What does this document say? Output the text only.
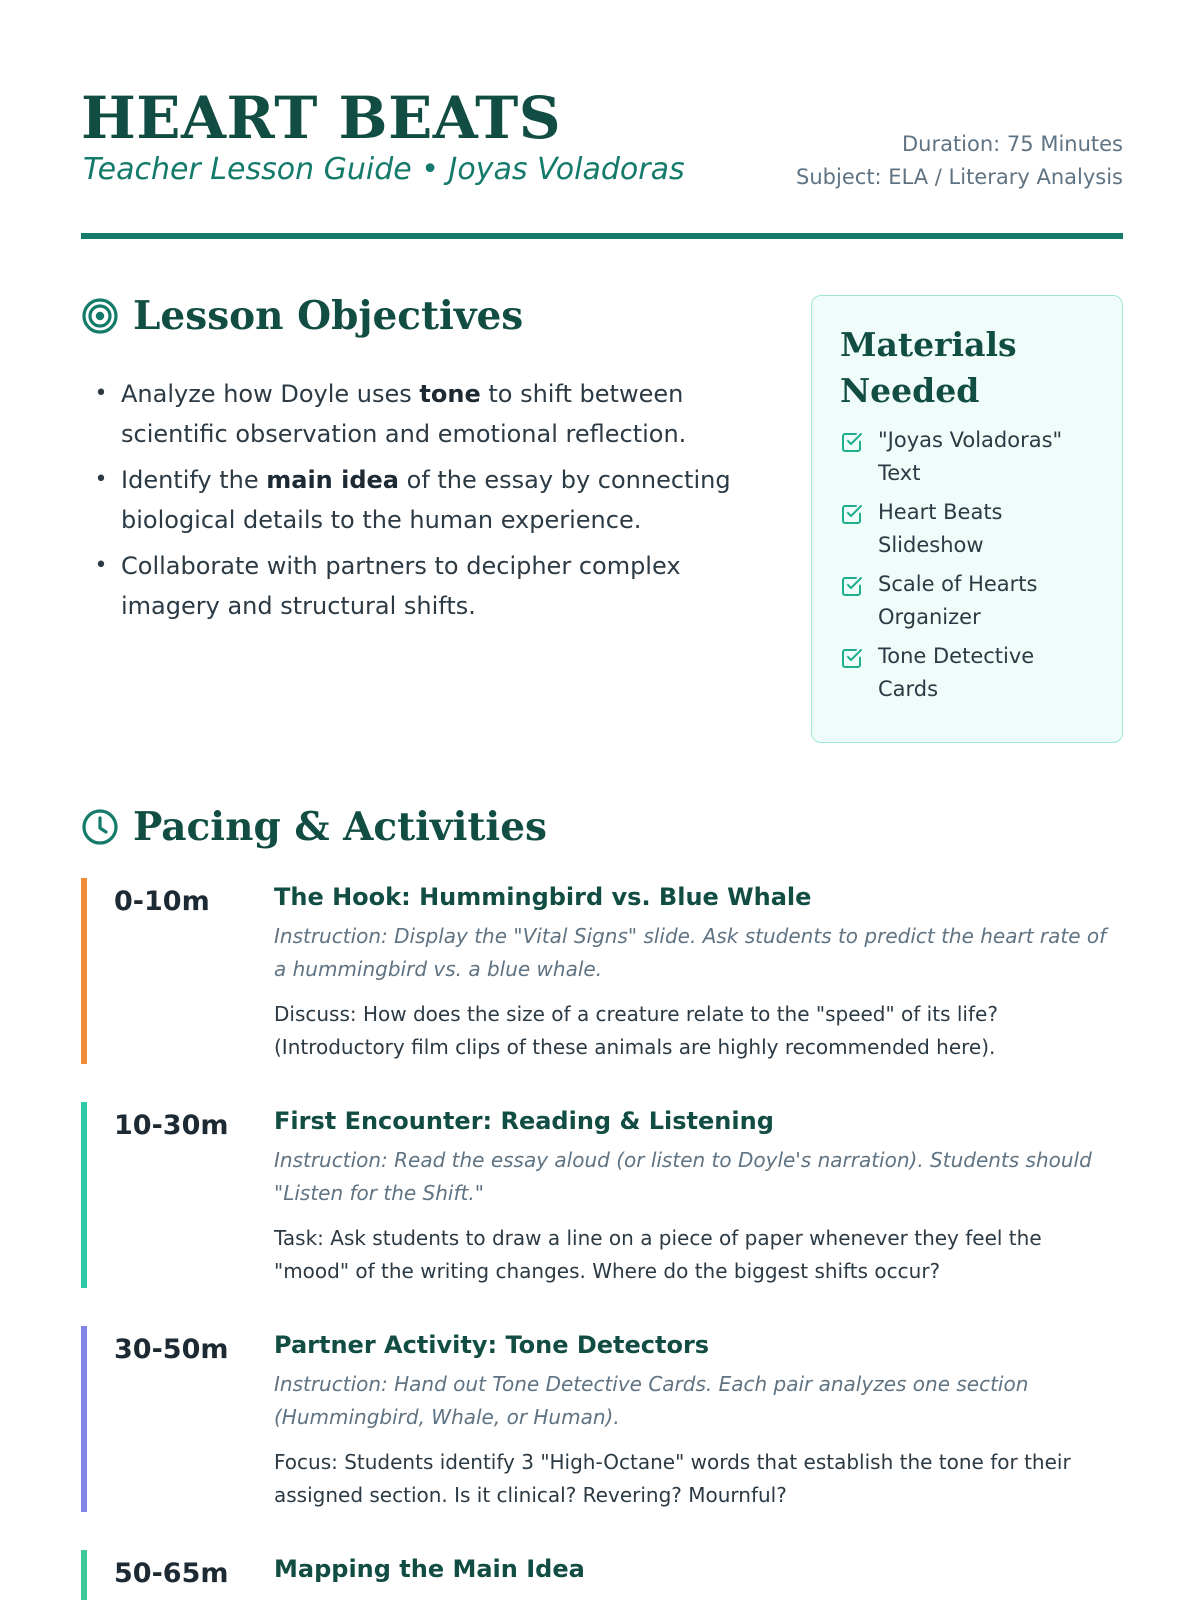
HEART BEATS
Teacher Lesson Guide • Joyas Voladoras
Duration: 75 Minutes
Subject: ELA / Literary Analysis
Lesson Objectives
• Analyze how Doyle uses tone to shift between scientific observation and emotional reflection.
• Identify the main idea of the essay by connecting biological details to the human experience.
• Collaborate with partners to decipher complex imagery and structural shifts.
Materials Needed
"Joyas Voladoras" Text
Heart Beats Slideshow
Scale of Hearts Organizer
Tone Detective Cards
Pacing & Activities
0-10m	The Hook: Hummingbird vs. Blue Whale
Instruction: Display the "Vital Signs" slide. Ask students to predict the heart rate of a hummingbird vs. a blue whale.
Discuss: How does the size of a creature relate to the "speed" of its life? (Introductory film clips of these animals are highly recommended here).
10-30m	First Encounter: Reading & Listening
Instruction: Read the essay aloud (or listen to Doyle's narration). Students should "Listen for the Shift."
Task: Ask students to draw a line on a piece of paper whenever they feel the "mood" of the writing changes. Where do the biggest shifts occur?
30-50m	Partner Activity: Tone Detectors
Instruction: Hand out Tone Detective Cards. Each pair analyzes one section (Hummingbird, Whale, or Human).
Focus: Students identify 3 "High-Octane" words that establish the tone for their assigned section. Is it clinical? Revering? Mournful?
50-65m	Mapping the Main Idea
